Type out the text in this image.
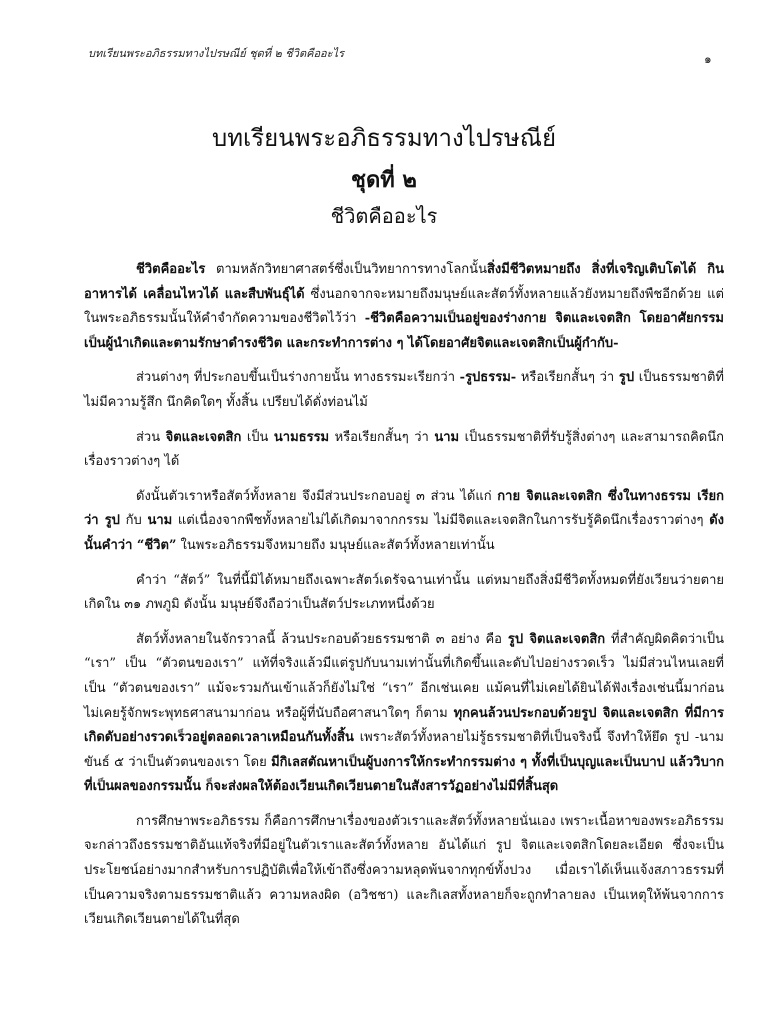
บทเรียนพระอภิธรรมทางไปรษณีย์ ชุดที่ ๒ ชีวิตคืออะไร	๑
บทเรียนพระอภิธรรมทางไปรษณีย์
ชุดที่ ๒
ชีวิตคืออะไร

ชีวิตคืออะไร ตามหลักวิทยาศาสตร์ซึ่งเป็นวิทยาการทางโลกนั้นสิ่งมีชีวิตหมายถึง สิ่งที่เจริญเติบโตได้ กินอาหารได้ เคลื่อนไหวได้ และสืบพันธุ์ได้ ซึ่งนอกจากจะหมายถึงมนุษย์และสัตว์ทั้งหลายแล้วยังหมายถึงพืชอีกด้วย แต่ในพระอภิธรรมนั้นให้คำจำกัดความของชีวิตไว้ว่า -ชีวิตคือความเป็นอยู่ของร่างกาย จิตและเจตสิก โดยอาศัยกรรมเป็นผู้นำเกิดและตามรักษาดำรงชีวิต และกระทำการต่าง ๆ ได้โดยอาศัยจิตและเจตสิกเป็นผู้กำกับ-

ส่วนต่างๆ ที่ประกอบขึ้นเป็นร่างกายนั้น ทางธรรมะเรียกว่า -รูปธรรม- หรือเรียกสั้นๆ ว่า รูป เป็นธรรมชาติที่ไม่มีความรู้สึก นึกคิดใดๆ ทั้งสิ้น เปรียบได้ดั่งท่อนไม้

ส่วน จิตและเจตสิก เป็น นามธรรม หรือเรียกสั้นๆ ว่า นาม เป็นธรรมชาติที่รับรู้สิ่งต่างๆ และสามารถคิดนึกเรื่องราวต่างๆ ได้

ดังนั้นตัวเราหรือสัตว์ทั้งหลาย จึงมีส่วนประกอบอยู่ ๓ ส่วน ได้แก่ กาย จิตและเจตสิก ซึ่งในทางธรรม เรียกว่า รูป กับ นาม แต่เนื่องจากพืชทั้งหลายไม่ได้เกิดมาจากกรรม ไม่มีจิตและเจตสิกในการรับรู้คิดนึกเรื่องราวต่างๆ ดังนั้นคำว่า “ชีวิต” ในพระอภิธรรมจึงหมายถึง มนุษย์และสัตว์ทั้งหลายเท่านั้น

คำว่า “สัตว์” ในที่นี้มิได้หมายถึงเฉพาะสัตว์เดรัจฉานเท่านั้น แต่หมายถึงสิ่งมีชีวิตทั้งหมดที่ยังเวียนว่ายตายเกิดใน ๓๑ ภพภูมิ ดังนั้น มนุษย์จึงถือว่าเป็นสัตว์ประเภทหนึ่งด้วย

สัตว์ทั้งหลายในจักรวาลนี้ ล้วนประกอบด้วยธรรมชาติ ๓ อย่าง คือ รูป จิตและเจตสิก ที่สำคัญผิดคิดว่าเป็น “เรา” เป็น “ตัวตนของเรา” แท้ที่จริงแล้วมีแต่รูปกับนามเท่านั้นที่เกิดขึ้นและดับไปอย่างรวดเร็ว ไม่มีส่วนไหนเลยที่เป็น “ตัวตนของเรา” แม้จะรวมกันเข้าแล้วก็ยังไม่ใช่ “เรา” อีกเช่นเคย แม้คนที่ไม่เคยได้ยินได้ฟังเรื่องเช่นนี้มาก่อน ไม่เคยรู้จักพระพุทธศาสนามาก่อน หรือผู้ที่นับถือศาสนาใดๆ ก็ตาม ทุกคนล้วนประกอบด้วยรูป จิตและเจตสิก ที่มีการเกิดดับอย่างรวดเร็วอยู่ตลอดเวลาเหมือนกันทั้งสิ้น เพราะสัตว์ทั้งหลายไม่รู้ธรรมชาติที่เป็นจริงนี้ จึงทำให้ยึด รูป -นาม ขันธ์ ๕ ว่าเป็นตัวตนของเรา โดย มีกิเลสตัณหาเป็นผู้บงการให้กระทำกรรมต่าง ๆ ทั้งที่เป็นบุญและเป็นบาป แล้ววิบากที่เป็นผลของกรรมนั้น ก็จะส่งผลให้ต้องเวียนเกิดเวียนตายในสังสารวัฏอย่างไม่มีที่สิ้นสุด

การศึกษาพระอภิธรรม ก็คือการศึกษาเรื่องของตัวเราและสัตว์ทั้งหลายนั่นเอง เพราะเนื้อหาของพระอภิธรรม จะกล่าวถึงธรรมชาติอันแท้จริงที่มีอยู่ในตัวเราและสัตว์ทั้งหลาย อันได้แก่ รูป จิตและเจตสิกโดยละเอียด ซึ่งจะเป็นประโยชน์อย่างมากสำหรับการปฏิบัติเพื่อให้เข้าถึงซึ่งความหลุดพ้นจากทุกข์ทั้งปวง เมื่อเราได้เห็นแจ้งสภาวธรรมที่เป็นความจริงตามธรรมชาติแล้ว ความหลงผิด (อวิชชา) และกิเลสทั้งหลายก็จะถูกทำลายลง เป็นเหตุให้พ้นจากการเวียนเกิดเวียนตายได้ในที่สุด
